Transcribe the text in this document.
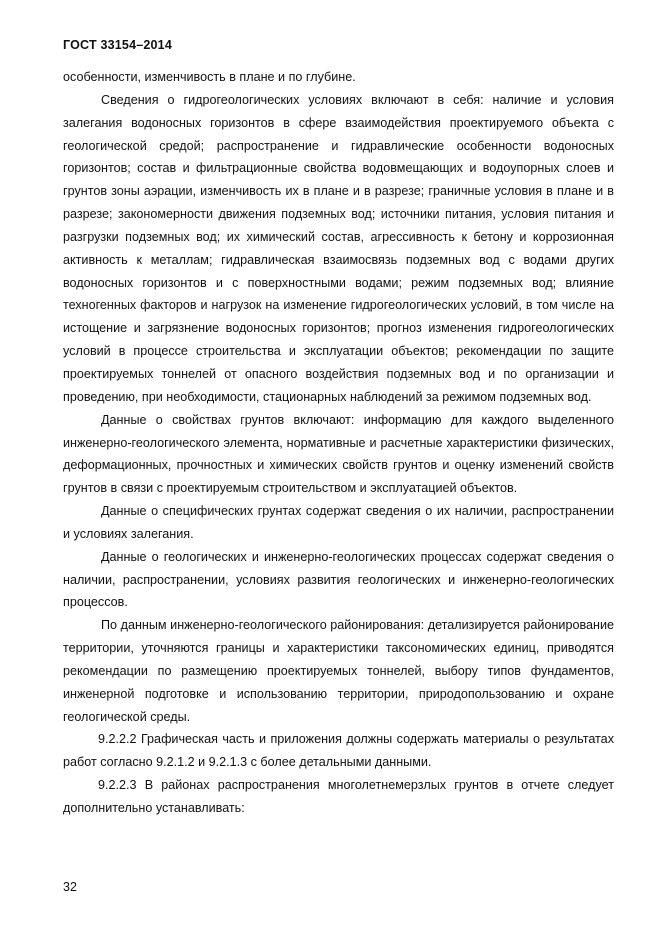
ГОСТ 33154–2014

особенности, изменчивость в плане и по глубине.

Сведения о гидрогеологических условиях включают в себя: наличие и условия залегания водоносных горизонтов в сфере взаимодействия проектируемого объекта с геологической средой; распространение и гидравлические особенности водоносных горизонтов; состав и фильтрационные свойства водовмещающих и водоупорных слоев и грунтов зоны аэрации, изменчивость их в плане и в разрезе; граничные условия в плане и в разрезе; закономерности движения подземных вод; источники питания, условия питания и разгрузки подземных вод; их химический состав, агрессивность к бетону и коррозионная активность к металлам; гидравлическая взаимосвязь подземных вод с водами других водоносных горизонтов и с поверхностными водами; режим подземных вод; влияние техногенных факторов и нагрузок на изменение гидрогеологических условий, в том числе на истощение и загрязнение водоносных горизонтов; прогноз изменения гидрогеологических условий в процессе строительства и эксплуатации объектов; рекомендации по защите проектируемых тоннелей от опасного воздействия подземных вод и по организации и проведению, при необходимости, стационарных наблюдений за режимом подземных вод.

Данные о свойствах грунтов включают: информацию для каждого выделенного инженерно-геологического элемента, нормативные и расчетные характеристики физических, деформационных, прочностных и химических свойств грунтов и оценку изменений свойств грунтов в связи с проектируемым строительством и эксплуатацией объектов.

Данные о специфических грунтах содержат сведения о их наличии, распространении и условиях залегания.

Данные о геологических и инженерно-геологических процессах содержат сведения о наличии, распространении, условиях развития геологических и инженерно-геологических процессов.

По данным инженерно-геологического районирования: детализируется районирование территории, уточняются границы и характеристики таксономических единиц, приводятся рекомендации по размещению проектируемых тоннелей, выбору типов фундаментов, инженерной подготовке и использованию территории, природопользованию и охране геологической среды.

9.2.2.2 Графическая часть и приложения должны содержать материалы о результатах работ согласно 9.2.1.2 и 9.2.1.3 с более детальными данными.

9.2.2.3 В районах распространения многолетнемерзлых грунтов в отчете следует дополнительно устанавливать:

32
